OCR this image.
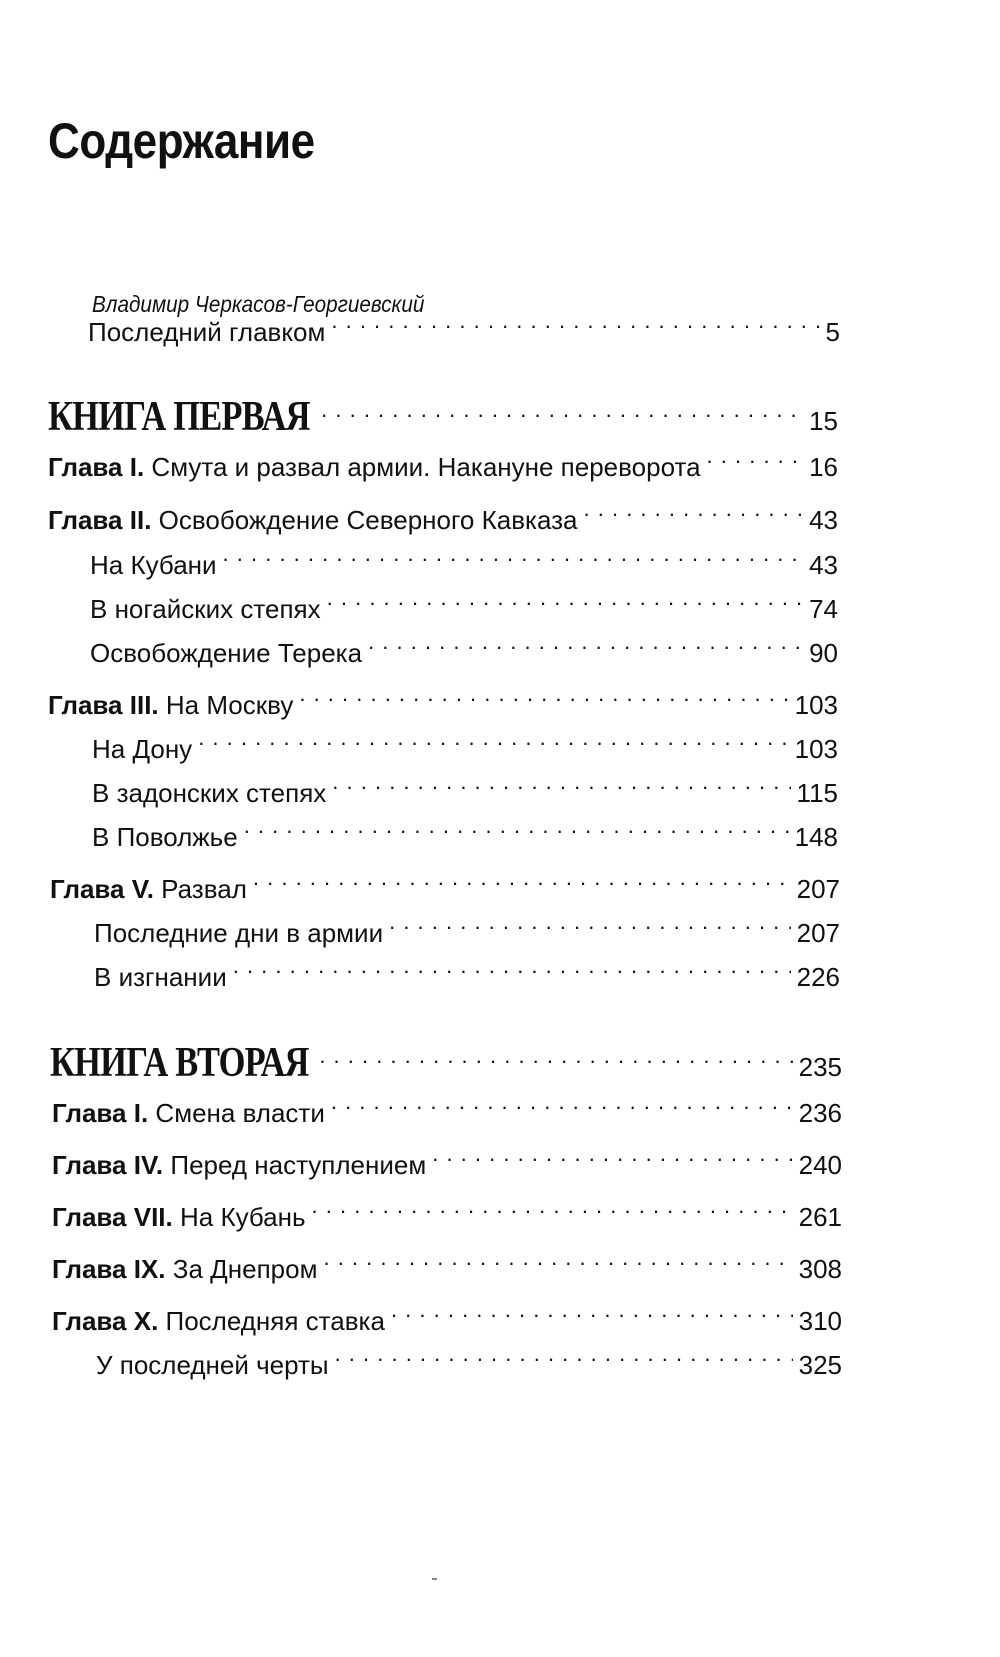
Содержание
Владимир Черкасов-Георгиевский
Последний главком . . .	5
КНИГА ПЕРВАЯ . . .	15
Глава I. Смута и развал армии. Накануне переворота . . .	16
Глава II. Освобождение Северного Кавказа . . .	43
На Кубани . . .	43
В ногайских степях . . .	74
Освобождение Терека . . .	90
Глава III. На Москву . . .	103
На Дону . . .	103
В задонских степях . . .	115
В Поволжье . . .	148
Глава V. Развал . . .	207
Последние дни в армии . . .	207
В изгнании . . .	226
КНИГА ВТОРАЯ . . .	235
Глава I. Смена власти . . .	236
Глава IV. Перед наступлением . . .	240
Глава VII. На Кубань . . .	261
Глава IX. За Днепром . . .	308
Глава X. Последняя ставка . . .	310
У последней черты . . .	325
